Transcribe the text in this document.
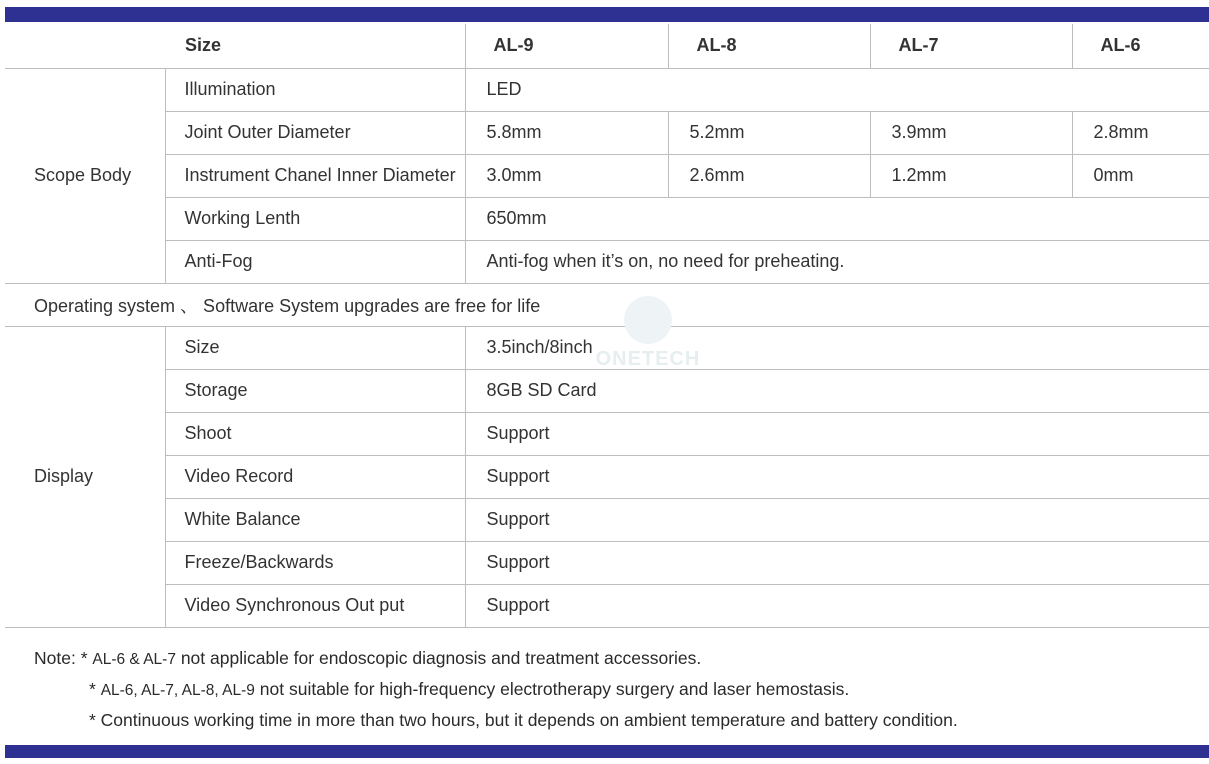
Size		AL-9	AL-8	AL-7	AL-6
Scope Body	Illumination	LED			
	Joint Outer Diameter	5.8mm	5.2mm	3.9mm	2.8mm
	Instrument Chanel Inner Diameter	3.0mm	2.6mm	1.2mm	0mm
	Working Lenth	650mm			
	Anti-Fog	Anti-fog when it’s on, no need for preheating.			
Operating system 、 Software System upgrades are free for life					
Display	Size	3.5inch/8inch			
	Storage	8GB SD Card			
	Shoot	Support			
	Video Record	Support			
	White Balance	Support			
	Freeze/Backwards	Support			
	Video Synchronous Out put	Support			
ONETECH
Note: * AL-6 & AL-7 not applicable for endoscopic diagnosis and treatment accessories.
* AL-6, AL-7, AL-8, AL-9 not suitable for high-frequency electrotherapy surgery and laser hemostasis.
* Continuous working time in more than two hours, but it depends on ambient temperature and battery condition.
